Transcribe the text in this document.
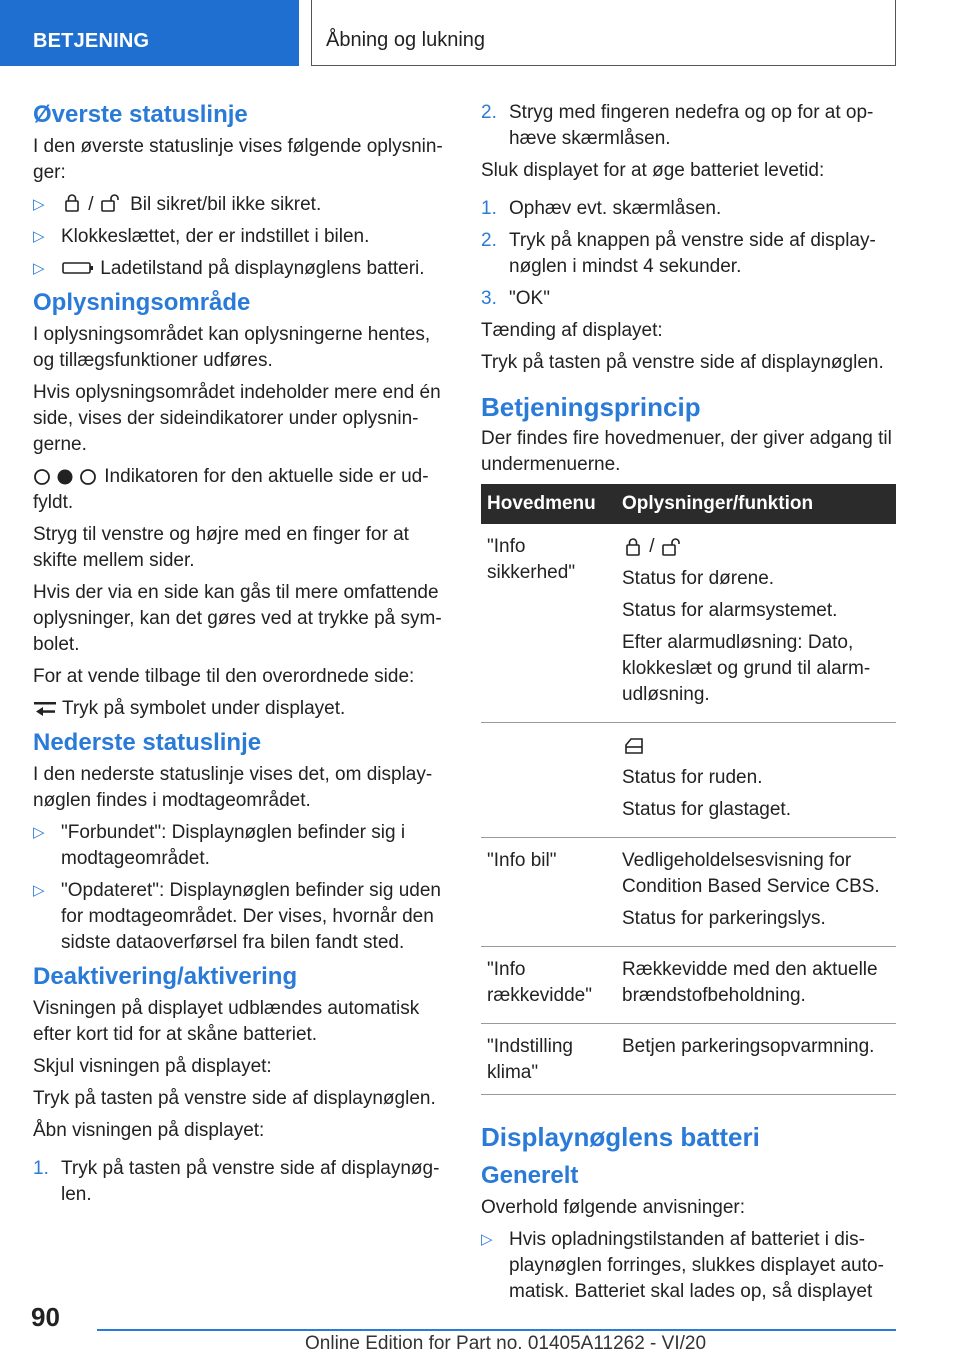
BETJENING	Åbning og lukning
Øverste statuslinje

I den øverste statuslinje vises følgende oplysnin-ger:

▷ / Bil sikret/bil ikke sikret.
▷ Klokkeslættet, der er indstillet i bilen.
▷	Ladetilstand på displaynøglens batteri.
Oplysningsområde

I oplysningsområdet kan oplysningerne hentes, og tillægsfunktioner udføres.

Hvis oplysningsområdet indeholder mere end én side, vises der sideindikatorer under oplysnin-gerne.

Indikatoren for den aktuelle side er ud-fyldt.

Stryg til venstre og højre med en finger for at skifte mellem sider.

Hvis der via en side kan gås til mere omfattende oplysninger, kan det gøres ved at trykke på sym-bolet.

For at vende tilbage til den overordnede side:

Tryk på symbolet under displayet.

Nederste statuslinje

I den nederste statuslinje vises det, om display-nøglen findes i modtageområdet.

▷ "Forbundet": Displaynøglen befinder sig i modtageområdet.
▷ "Opdateret": Displaynøglen befinder sig uden for modtageområdet. Der vises, hvornår den sidste dataoverførsel fra bilen fandt sted.
Deaktivering/aktivering

Visningen på displayet udblændes automatisk efter kort tid for at skåne batteriet.

Skjul visningen på displayet:

Tryk på tasten på venstre side af displaynøglen.

Åbn visningen på displayet:

1. Tryk på tasten på venstre side af displaynøg-len.
2. Stryg med fingeren nedefra og op for at op-hæve skærmlåsen.

Sluk displayet for at øge batteriet levetid:

1. Ophæv evt. skærmlåsen.
2. Tryk på knappen på venstre side af display-nøglen i mindst 4 sekunder.
3. "OK"

Tænding af displayet:

Tryk på tasten på venstre side af displaynøglen.

Betjeningsprincip

Der findes fire hovedmenuer, der giver adgang til undermenuerne.

Hovedmenu	Oplysninger/funktion
"Info sikkerhed"	/

Status for dørene.

Status for alarmsystemet.

Efter alarmudløsning: Dato, klokkeslæt og grund til alarm-udløsning.

	Status for ruden.

Status for glastaget.

"Info bil"	Vedligeholdelsesvisning for Condition Based Service CBS.

Status for parkeringslys.

"Info rækkevidde"	Rækkevidde med den aktuelle brændstofbeholdning.

"Indstilling klima"	Betjen parkeringsopvarmning.

Displaynøglens batteri
Generelt

Overhold følgende anvisninger:

▷ Hvis opladningstilstanden af batteriet i dis-playnøglen forringes, slukkes displayet auto-matisk. Batteriet skal lades op, så displayet
90
Online Edition for Part no. 01405A11262 - VI/20
